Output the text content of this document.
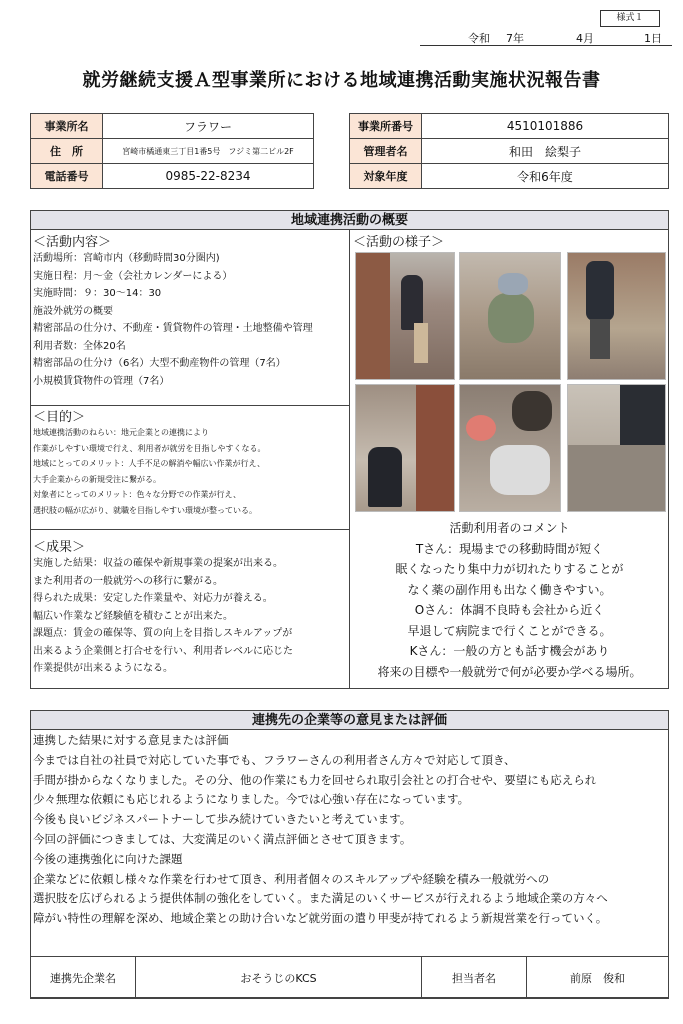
様式１
令和 7年	4月	1日
就労継続支援Ａ型事業所における地域連携活動実施状況報告書
事業所名	フラワー
住　所	宮崎市橘通東三丁目1番5号　フジミ第二ビル2F
電話番号	0985-22-8234
事業所番号	4510101886
管理者名	和田　絵梨子
対象年度	令和6年度
地域連携活動の概要
＜活動内容＞
活動場所：宮崎市内（移動時間30分圏内)
実施日程：月～金（会社カレンダーによる）
実施時間：９：30～14：30
施設外就労の概要
精密部品の仕分け、不動産・賃貸物件の管理・土地整備や管理
利用者数：全体20名
精密部品の仕分け（6名）大型不動産物件の管理（7名）
小規模賃貸物件の管理（7名）
＜目的＞
地域連携活動のねらい：地元企業との連携により
作業がしやすい環境で行え、利用者が就労を目指しやすくなる。
地域にとってのメリット：人手不足の解消や幅広い作業が行え、
大手企業からの新規受注に繋がる。
対象者にとってのメリット：色々な分野での作業が行え、
選択肢の幅が広がり、就職を目指しやすい環境が整っている。
＜成果＞
実施した結果：収益の確保や新規事業の提案が出来る。
また利用者の一般就労への移行に繋がる。
得られた成果：安定した作業量や、対応力が養える。
幅広い作業など経験値を積むことが出来た。
課題点：賃金の確保等、質の向上を目指しスキルアップが
出来るよう企業側と打合せを行い、利用者レベルに応じた
作業提供が出来るようになる。
＜活動の様子＞
活動利用者のコメント
Tさん：現場までの移動時間が短く
眠くなったり集中力が切れたりすることが
なく薬の副作用も出なく働きやすい。
Oさん：体調不良時も会社から近く
早退して病院まで行くことができる。
Kさん：一般の方とも話す機会があり
将来の目標や一般就労で何が必要か学べる場所。
連携先の企業等の意見または評価
連携した結果に対する意見または評価
今までは自社の社員で対応していた事でも、フラワーさんの利用者さん方々で対応して頂き、
手間が掛からなくなりました。その分、他の作業にも力を回せられ取引会社との打合せや、要望にも応えられ
少々無理な依頼にも応じれるようになりました。今では心強い存在になっています。
今後も良いビジネスパートナーして歩み続けていきたいと考えています。
今回の評価につきましては、大変満足のいく満点評価とさせて頂きます。
今後の連携強化に向けた課題
企業などに依頼し様々な作業を行わせて頂き、利用者個々のスキルアップや経験を積み一般就労への
選択肢を広げられるよう提供体制の強化をしていく。また満足のいくサービスが行えれるよう地域企業の方々へ
障がい特性の理解を深め、地域企業との助け合いなど就労面の遣り甲斐が持てれるよう新規営業を行っていく。
連携先企業名	おそうじのKCS	担当者名	前原　俊和
